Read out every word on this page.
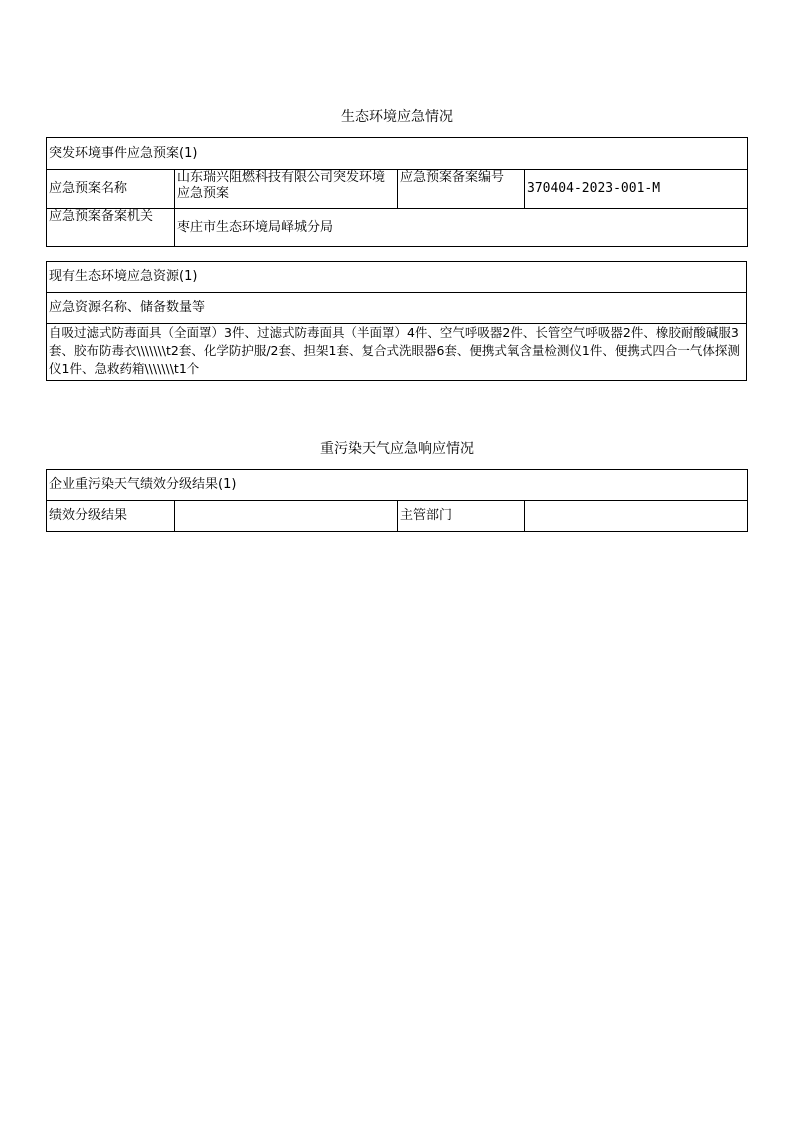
生态环境应急情况
突发环境事件应急预案(1)			
应急预案名称	山东瑞兴阻燃科技有限公司突发环境应急预案	应急预案备案编号	370404-2023-001-M
应急预案备案机关	枣庄市生态环境局峄城分局		
现有生态环境应急资源(1)
应急资源名称、储备数量等
自吸过滤式防毒面具（全面罩）3件、过滤式防毒面具（半面罩）4件、空气呼吸器2件、长管空气呼吸器2件、橡胶耐酸碱服3套、胶布防毒衣\\\\\\\t2套、化学防护服/2套、担架1套、复合式洗眼器6套、便携式氧含量检测仪1件、便携式四合一气体探测仪1件、急救药箱\\\\\\\t1个
重污染天气应急响应情况
企业重污染天气绩效分级结果(1)
绩效分级结果		主管部门	
